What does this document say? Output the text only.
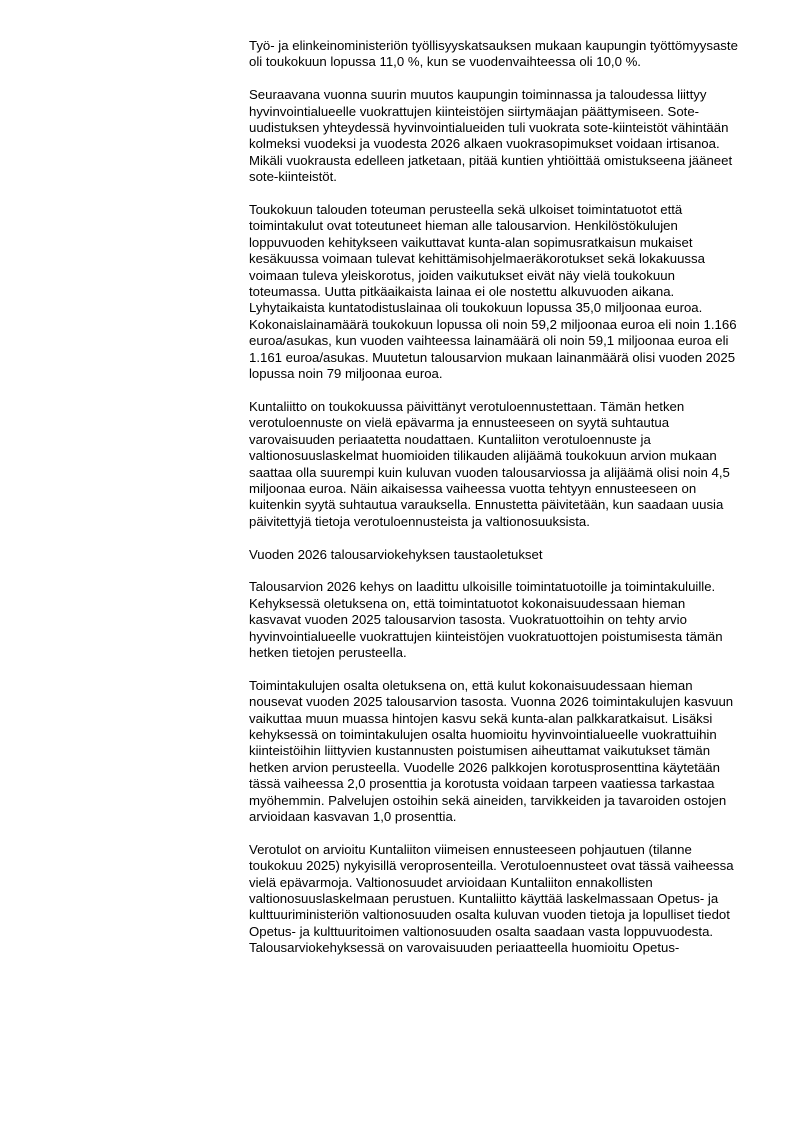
Työ- ja elinkeinoministeriön työllisyyskatsauksen mukaan kaupungin työttömyysaste oli toukokuun lopussa 11,0 %, kun se vuodenvaihteessa oli 10,0 %.

Seuraavana vuonna suurin muutos kaupungin toiminnassa ja taloudessa liittyy hyvinvointialueelle vuokrattujen kiinteistöjen siirtymäajan päättymiseen. Sote-uudistuksen yhteydessä hyvinvointialueiden tuli vuokrata sote-kiinteistöt vähintään kolmeksi vuodeksi ja vuodesta 2026 alkaen vuokrasopimukset voidaan irtisanoa. Mikäli vuokrausta edelleen jatketaan, pitää kuntien yhtiöittää omistukseena jääneet sote-kiinteistöt.

Toukokuun talouden toteuman perusteella sekä ulkoiset toimintatuotot että toimintakulut ovat toteutuneet hieman alle talousarvion. Henkilöstökulujen loppuvuoden kehitykseen vaikuttavat kunta-alan sopimusratkaisun mukaiset kesäkuussa voimaan tulevat kehittämisohjelmaeräkorotukset sekä lokakuussa voimaan tuleva yleiskorotus, joiden vaikutukset eivät näy vielä toukokuun toteumassa. Uutta pitkäaikaista lainaa ei ole nostettu alkuvuoden aikana. Lyhytaikaista kuntatodistuslainaa oli toukokuun lopussa 35,0 miljoonaa euroa. Kokonaislainamäärä toukokuun lopussa oli noin 59,2 miljoonaa euroa eli noin 1.166 euroa/asukas, kun vuoden vaihteessa lainamäärä oli noin 59,1 miljoonaa euroa eli 1.161 euroa/asukas. Muutetun talousarvion mukaan lainanmäärä olisi vuoden 2025 lopussa noin 79 miljoonaa euroa.

Kuntaliitto on toukokuussa päivittänyt verotuloennustettaan. Tämän hetken verotuloennuste on vielä epävarma ja ennusteeseen on syytä suhtautua varovaisuuden periaatetta noudattaen. Kuntaliiton verotuloennuste ja valtionosuuslaskelmat huomioiden tilikauden alijäämä toukokuun arvion mukaan saattaa olla suurempi kuin kuluvan vuoden talousarviossa ja alijäämä olisi noin 4,5 miljoonaa euroa. Näin aikaisessa vaiheessa vuotta tehtyyn ennusteeseen on kuitenkin syytä suhtautua varauksella. Ennustetta päivitetään, kun saadaan uusia päivitettyjä tietoja verotuloennusteista ja valtionosuuksista.

Vuoden 2026 talousarviokehyksen taustaoletukset

Talousarvion 2026 kehys on laadittu ulkoisille toimintatuotoille ja toimintakuluille. Kehyksessä oletuksena on, että toimintatuotot kokonaisuudessaan hieman kasvavat vuoden 2025 talousarvion tasosta. Vuokratuottoihin on tehty arvio hyvinvointialueelle vuokrattujen kiinteistöjen vuokratuottojen poistumisesta tämän hetken tietojen perusteella.

Toimintakulujen osalta oletuksena on, että kulut kokonaisuudessaan hieman nousevat vuoden 2025 talousarvion tasosta. Vuonna 2026 toimintakulujen kasvuun vaikuttaa muun muassa hintojen kasvu sekä kunta-alan palkkaratkaisut. Lisäksi kehyksessä on toimintakulujen osalta huomioitu hyvinvointialueelle vuokrattuihin kiinteistöihin liittyvien kustannusten poistumisen aiheuttamat vaikutukset tämän hetken arvion perusteella. Vuodelle 2026 palkkojen korotusprosenttina käytetään tässä vaiheessa 2,0 prosenttia ja korotusta voidaan tarpeen vaatiessa tarkastaa myöhemmin. Palvelujen ostoihin sekä aineiden, tarvikkeiden ja tavaroiden ostojen arvioidaan kasvavan 1,0 prosenttia.

Verotulot on arvioitu Kuntaliiton viimeisen ennusteeseen pohjautuen (tilanne toukokuu 2025) nykyisillä veroprosenteilla. Verotuloennusteet ovat tässä vaiheessa vielä epävarmoja. Valtionosuudet arvioidaan Kuntaliiton ennakollisten valtionosuuslaskelmaan perustuen. Kuntaliitto käyttää laskelmassaan Opetus- ja kulttuuriministeriön valtionosuuden osalta kuluvan vuoden tietoja ja lopulliset tiedot Opetus- ja kulttuuritoimen valtionosuuden osalta saadaan vasta loppuvuodesta. Talousarviokehyksessä on varovaisuuden periaatteella huomioitu Opetus-
